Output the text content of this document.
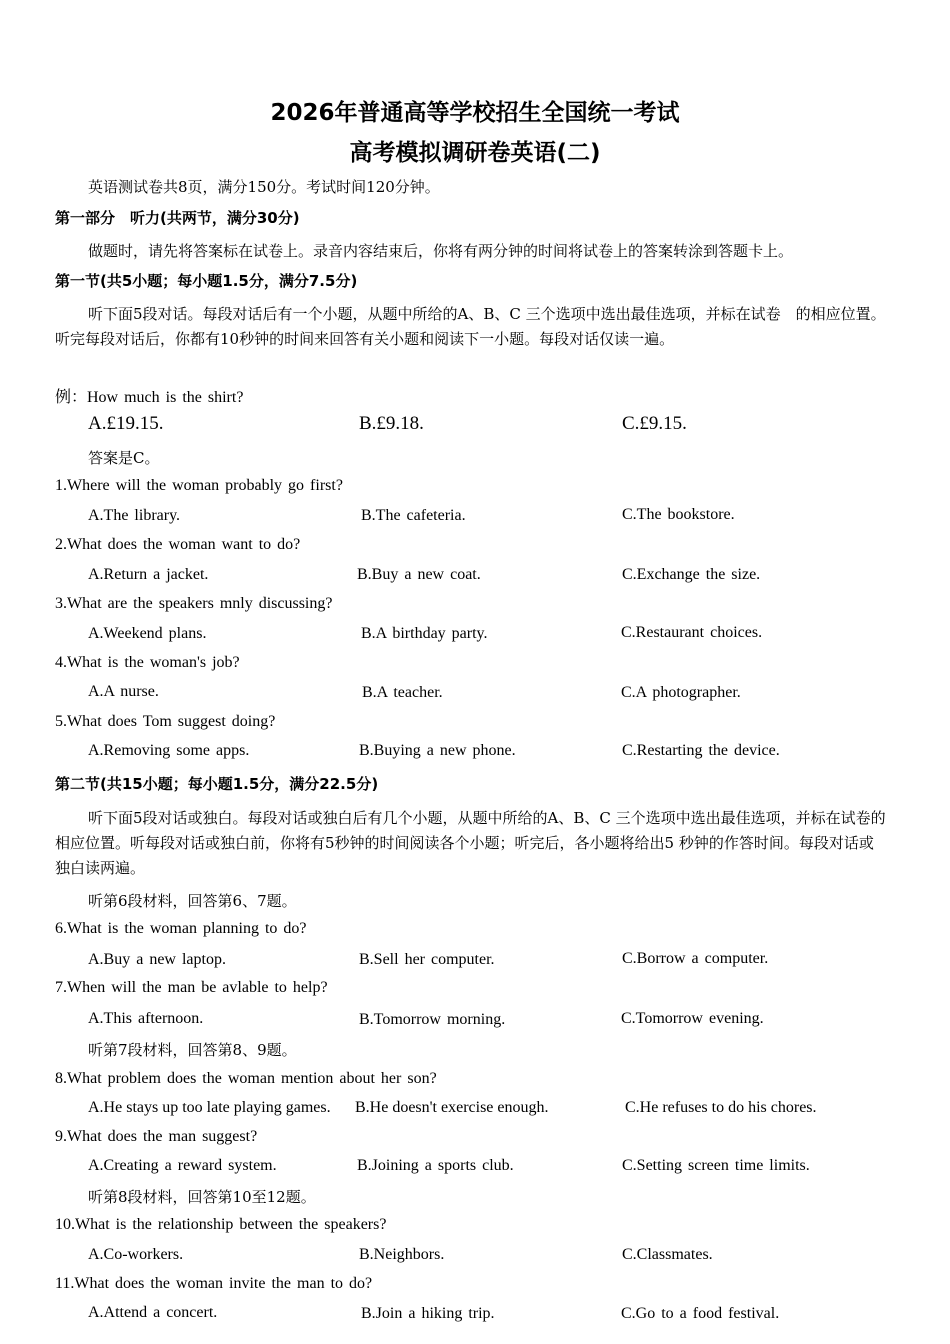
2026年普通高等学校招生全国统一考试
高考模拟调研卷英语(二)
英语测试卷共8页，满分150分。考试时间120分钟。
第一部分　听力(共两节，满分30分)
做题时，请先将答案标在试卷上。录音内容结束后，你将有两分钟的时间将试卷上的答案转涂到答题卡上。
第一节(共5小题；每小题1.5分，满分7.5分)
听下面5段对话。每段对话后有一个小题，从题中所给的A、B、C 三个选项中选出最佳选项，并标在试卷　的相应位置。听完每段对话后，你都有10秒钟的时间来回答有关小题和阅读下一小题。每段对话仅读一遍。
例：How much is the shirt?
A.£19.15.	B.£9.18.	C.£9.15.
答案是C。
1.Where will the woman probably go first?
A.The library.	B.The cafeteria.	C.The bookstore.
2.What does the woman want to do?
A.Return a jacket.	B.Buy a new coat.	C.Exchange the size.
3.What are the speakers mnly discussing?
A.Weekend plans.	B.A birthday party.	C.Restaurant choices.
4.What is the woman's job?
A.A nurse.	B.A teacher.	C.A photographer.
5.What does Tom suggest doing?
A.Removing some apps.	B.Buying a new phone.	C.Restarting the device.
第二节(共15小题；每小题1.5分，满分22.5分)
听下面5段对话或独白。每段对话或独白后有几个小题，从题中所给的A、B、C 三个选项中选出最佳选项，并标在试卷的相应位置。听每段对话或独白前，你将有5秒钟的时间阅读各个小题；听完后，各小题将给出5 秒钟的作答时间。每段对话或独白读两遍。
听第6段材料，回答第6、7题。
6.What is the woman planning to do?
A.Buy a new laptop.	B.Sell her computer.	C.Borrow a computer.
7.When will the man be avlable to help?
A.This afternoon.	B.Tomorrow morning.	C.Tomorrow evening.
听第7段材料，回答第8、9题。
8.What problem does the woman mention about her son?
A.He stays up too late playing games. B.He doesn't exercise enough.	C.He refuses to do his chores.
9.What does the man suggest?
A.Creating a reward system.	B.Joining a sports club.	C.Setting screen time limits.
听第8段材料，回答第10至12题。
10.What is the relationship between the speakers?
A.Co-workers.	B.Neighbors.	C.Classmates.
11.What does the woman invite the man to do?
A.Attend a concert.	B.Join a hiking trip.	C.Go to a food festival.
